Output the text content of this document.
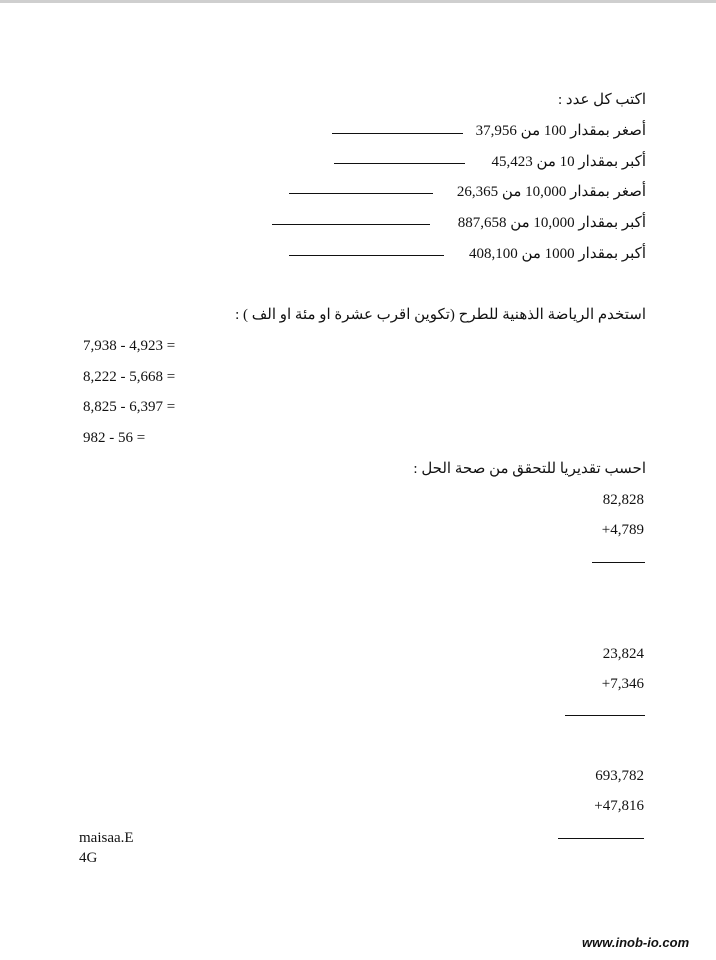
اكتب كل عدد :
أصغر بمقدار 100 من 37,956
أكبر بمقدار 10 من 45,423
أصغر بمقدار 10,000 من 26,365
أكبر بمقدار 10,000 من 887,658
أكبر بمقدار 1000 من 408,100
استخدم الرياضة الذهنية للطرح (تكوين اقرب عشرة او مئة او الف ) :
7,938 - 4,923 =
8,222 - 5,668 =
8,825 - 6,397 =
982 - 56 =
احسب تقديريا للتحقق من صحة الحل :
82,828
+4,789
23,824
+7,346
693,782
+47,816
maisaa.E
4G
www.inob-io.com
